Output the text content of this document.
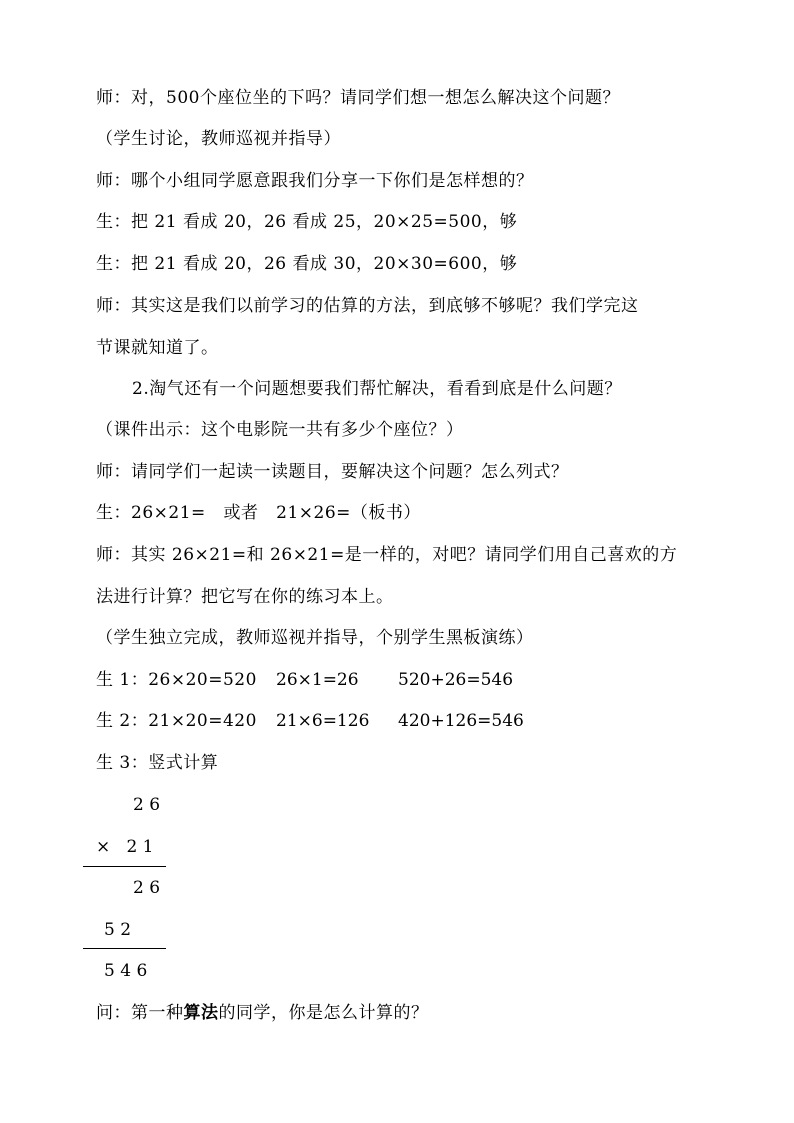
师：对，500个座位坐的下吗？请同学们想一想怎么解决这个问题？
（学生讨论，教师巡视并指导）
师：哪个小组同学愿意跟我们分享一下你们是怎样想的？
生：把 21 看成 20，26 看成 25，20×25=500，够
生：把 21 看成 20，26 看成 30，20×30=600，够
师：其实这是我们以前学习的估算的方法，到底够不够呢？我们学完这
节课就知道了。
2.淘气还有一个问题想要我们帮忙解决，看看到底是什么问题？
（课件出示：这个电影院一共有多少个座位？）
师：请同学们一起读一读题目，要解决这个问题？怎么列式？
生：26×21=   或者   21×26=（板书）
师：其实 26×21=和 26×21=是一样的，对吧？请同学们用自己喜欢的方
法进行计算？把它写在你的练习本上。
（学生独立完成，教师巡视并指导，个别学生黑板演练）
生 1：26×20=520 26×1=26 520+26=546
生 2：21×20=420 21×6=126 420+126=546
生 3：竖式计算
2 6
×   2 1
2 6
5 2
5 4 6
问：第一种算法的同学，你是怎么计算的？
